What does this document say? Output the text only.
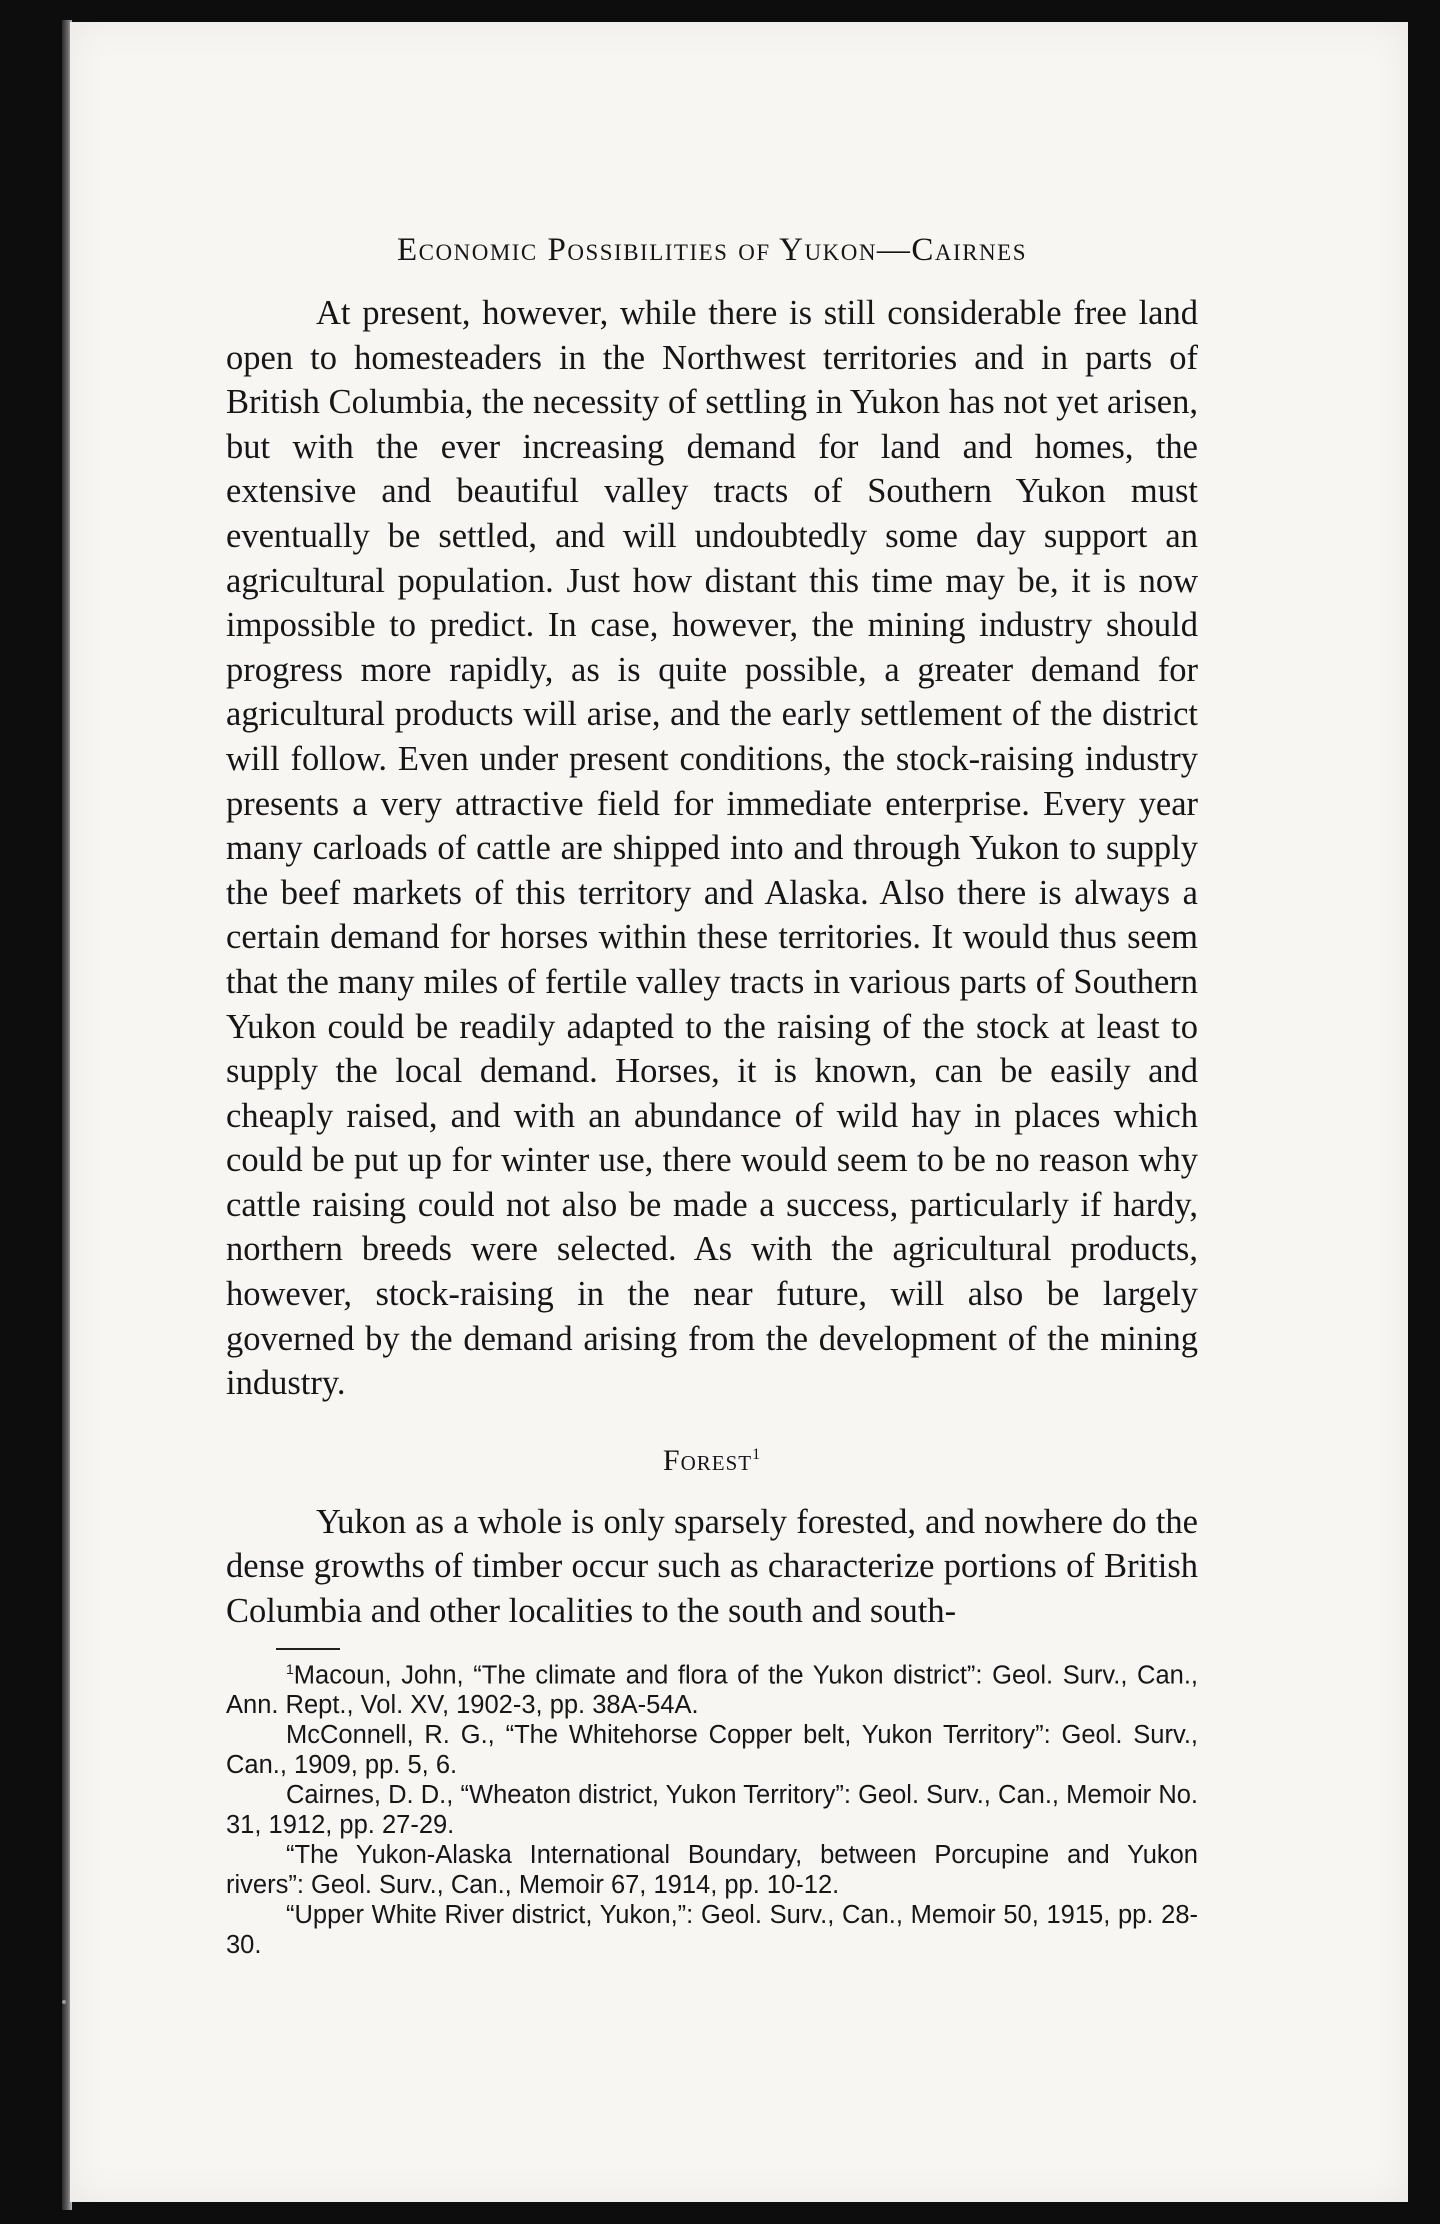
Economic Possibilities of Yukon—Cairnes

At present, however, while there is still considerable free land open to homesteaders in the Northwest territories and in parts of British Columbia, the necessity of settling in Yukon has not yet arisen, but with the ever increasing demand for land and homes, the extensive and beautiful valley tracts of Southern Yukon must eventually be settled, and will undoubtedly some day support an agricultural population. Just how distant this time may be, it is now impossible to predict. In case, however, the mining industry should progress more rapidly, as is quite possible, a greater demand for agricultural products will arise, and the early settlement of the district will follow. Even under present conditions, the stock-raising industry presents a very attractive field for immediate enterprise. Every year many carloads of cattle are shipped into and through Yukon to supply the beef markets of this territory and Alaska. Also there is always a certain demand for horses within these territories. It would thus seem that the many miles of fertile valley tracts in various parts of Southern Yukon could be readily adapted to the raising of the stock at least to supply the local demand. Horses, it is known, can be easily and cheaply raised, and with an abundance of wild hay in places which could be put up for winter use, there would seem to be no reason why cattle raising could not also be made a success, particularly if hardy, northern breeds were selected. As with the agricultural products, however, stock-raising in the near future, will also be largely governed by the demand arising from the development of the mining industry.

Forest$^1$

Yukon as a whole is only sparsely forested, and nowhere do the dense growths of timber occur such as characterize portions of British Columbia and other localities to the south and south-

$^1$Macoun, John, “The climate and flora of the Yukon district”: Geol. Surv., Can., Ann. Rept., Vol. XV, 1902-3, pp. 38A-54A.

McConnell, R. G., “The Whitehorse Copper belt, Yukon Territory”: Geol. Surv., Can., 1909, pp. 5, 6.

Cairnes, D. D., “Wheaton district, Yukon Territory”: Geol. Surv., Can., Memoir No. 31, 1912, pp. 27-29.

“The Yukon-Alaska International Boundary, between Porcupine and Yukon rivers”: Geol. Surv., Can., Memoir 67, 1914, pp. 10-12.

“Upper White River district, Yukon,”: Geol. Surv., Can., Memoir 50, 1915, pp. 28-30.
